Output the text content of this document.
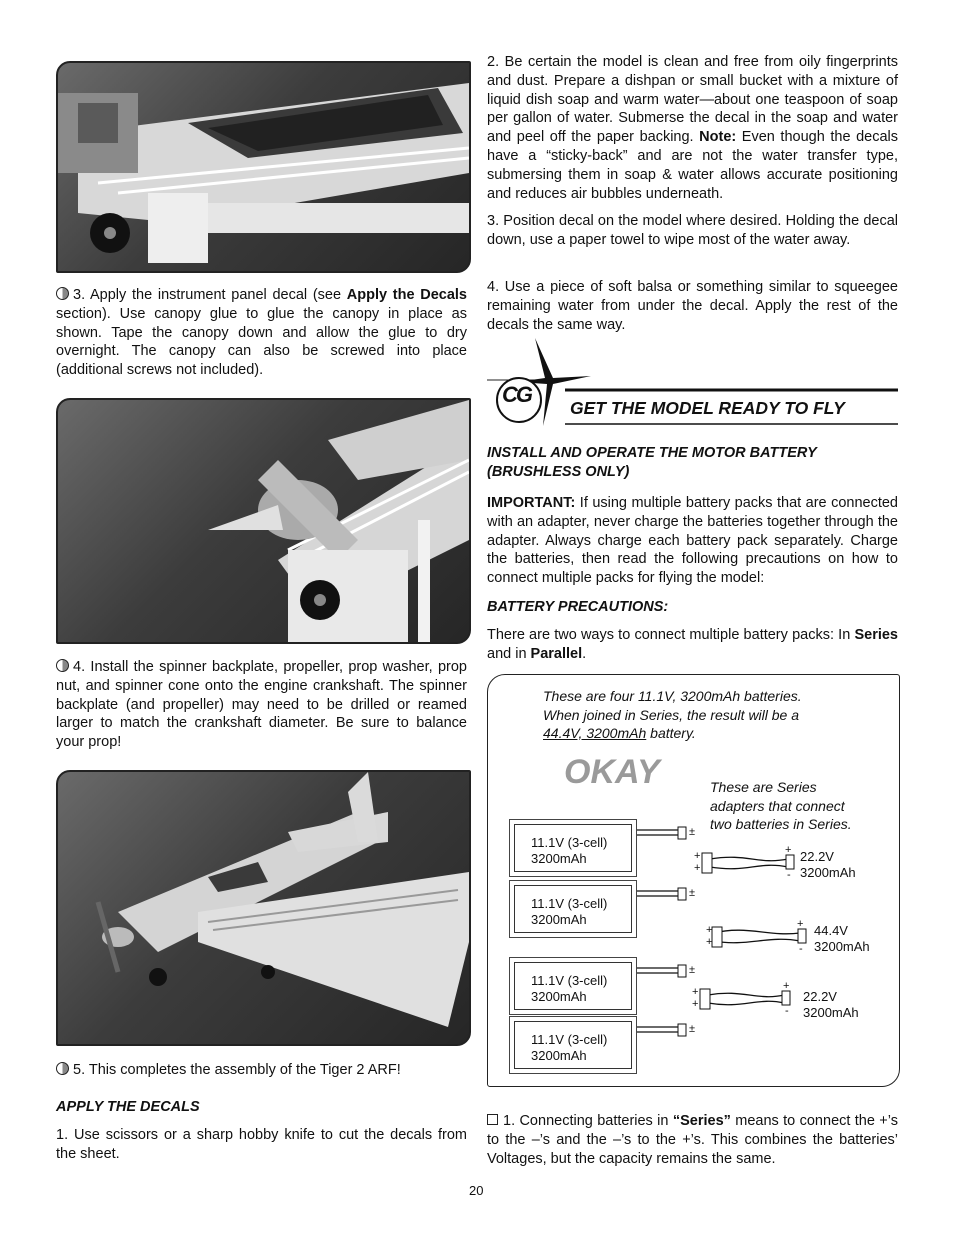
3. Apply the instrument panel decal (see Apply the Decals section). Use canopy glue to glue the canopy in place as shown. Tape the canopy down and allow the glue to dry overnight. The canopy can also be screwed into place (additional screws not included).

4. Install the spinner backplate, propeller, prop washer, prop nut, and spinner cone onto the engine crankshaft. The spinner backplate (and propeller) may need to be drilled or reamed larger to match the crankshaft diameter. Be sure to balance your prop!

5. This completes the assembly of the Tiger 2 ARF!

APPLY THE DECALS

1. Use scissors or a sharp hobby knife to cut the decals from the sheet.

2. Be certain the model is clean and free from oily fingerprints and dust. Prepare a dishpan or small bucket with a mixture of liquid dish soap and warm water—about one teaspoon of soap per gallon of water. Submerse the decal in the soap and water and peel off the paper backing. Note: Even though the decals have a “sticky-back” and are not the water transfer type, submersing them in soap & water allows accurate positioning and reduces air bubbles underneath.

3. Position decal on the model where desired. Holding the decal down, use a paper towel to wipe most of the water away.

4. Use a piece of soft balsa or something similar to squeegee remaining water from under the decal. Apply the rest of the decals the same way.

CG
GET THE MODEL READY TO FLY
INSTALL AND OPERATE THE MOTOR BATTERY
(BRUSHLESS ONLY)

IMPORTANT: If using multiple battery packs that are connected with an adapter, never charge the batteries together through the adapter. Always charge each battery pack separately. Charge the batteries, then read the following precautions on how to connect multiple packs for flying the model:

BATTERY PRECAUTIONS:

There are two ways to connect multiple battery packs: In Series and in Parallel.

These are four 11.1V, 3200mAh batteries.
When joined in Series, the result will be a
44.4V, 3200mAh battery.
OKAY	These are Series
adapters that connect
two batteries in Series.
±
±
±
±
+
+
+
+
+
+
+
-
+
-
+
-
11.1V (3-cell)
3200mAh
11.1V (3-cell)
3200mAh
11.1V (3-cell)
3200mAh
11.1V (3-cell)
3200mAh
22.2V
3200mAh
44.4V
3200mAh
22.2V
3200mAh

1. Connecting batteries in “Series” means to connect the +’s to the –’s and the –’s to the +’s. This combines the batteries’ Voltages, but the capacity remains the same.

20
